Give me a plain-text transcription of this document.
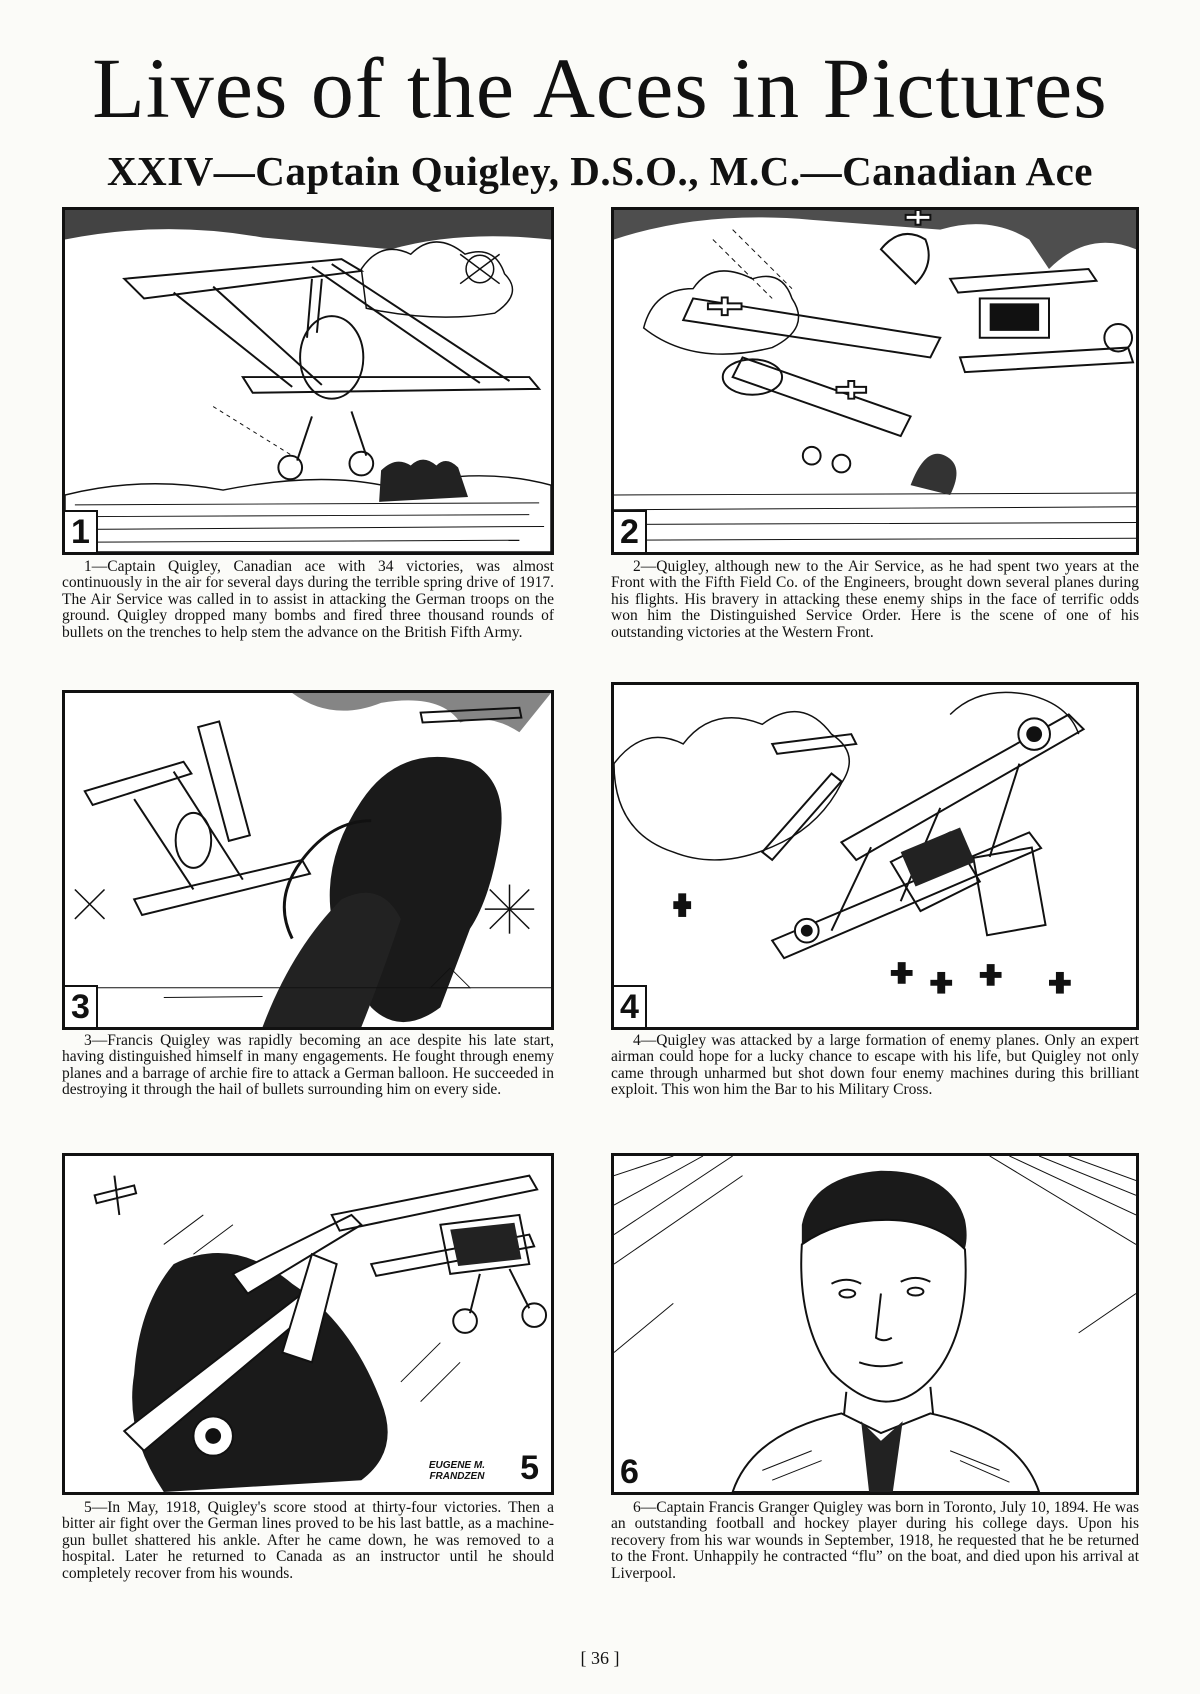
Lives of the Aces in Pictures
XXIV—Captain Quigley, D.S.O., M.C.—Canadian Ace
1
1—Captain Quigley, Canadian ace with 34 victories, was almost continuously in the air for several days during the terrible spring drive of 1917. The Air Service was called in to assist in attacking the German troops on the ground. Quigley dropped many bombs and fired three thousand rounds of bullets on the trenches to help stem the advance on the British Fifth Army.
2
2—Quigley, although new to the Air Service, as he had spent two years at the Front with the Fifth Field Co. of the Engineers, brought down several planes during his flights. His bravery in attacking these enemy ships in the face of terrific odds won him the Distinguished Service Order. Here is the scene of one of his outstanding victories at the Western Front.
3
3—Francis Quigley was rapidly becoming an ace despite his late start, having distinguished himself in many engagements. He fought through enemy planes and a barrage of archie fire to attack a German balloon. He succeeded in destroying it through the hail of bullets surrounding him on every side.
4
4—Quigley was attacked by a large formation of enemy planes. Only an expert airman could hope for a lucky chance to escape with his life, but Quigley not only came through unharmed but shot down four enemy machines during this brilliant exploit. This won him the Bar to his Military Cross.
EUGENE M.
FRANDZEN 5
5—In May, 1918, Quigley's score stood at thirty-four victories. Then a bitter air fight over the German lines proved to be his last battle, as a machine-gun bullet shattered his ankle. After he came down, he was removed to a hospital. Later he returned to Canada as an instructor until he should completely recover from his wounds.
6
6—Captain Francis Granger Quigley was born in Toronto, July 10, 1894. He was an outstanding football and hockey player during his college days. Upon his recovery from his war wounds in September, 1918, he requested that he be returned to the Front. Unhappily he contracted “flu” on the boat, and died upon his arrival at Liverpool.
[ 36 ]
